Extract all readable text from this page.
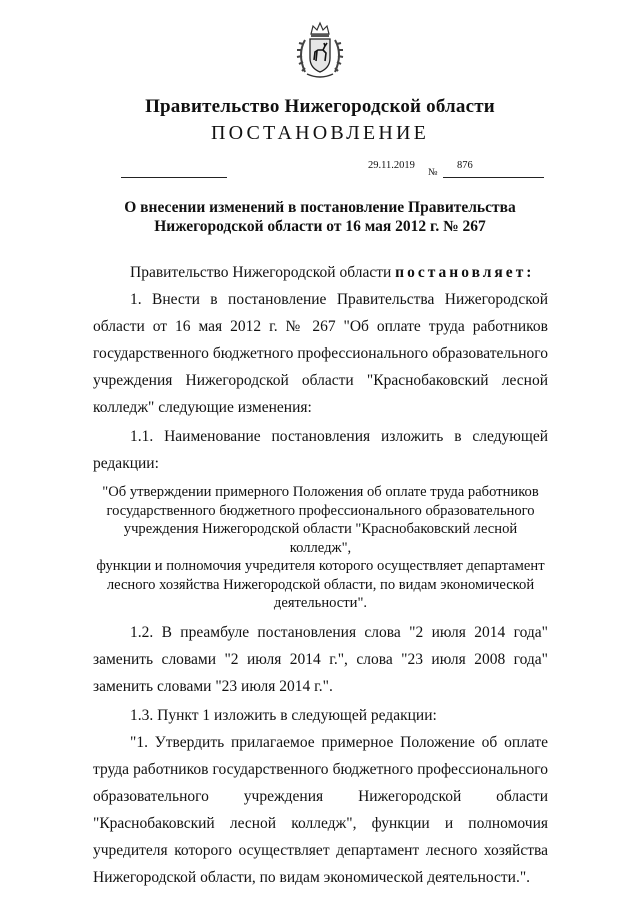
Правительство Нижегородской области
ПОСТАНОВЛЕНИЕ
29.11.2019
№
876
О внесении изменений в постановление Правительства
Нижегородской области от 16 мая 2012 г. № 267

Правительство Нижегородской области постановляет:

1. Внести в постановление Правительства Нижегородской области от 16 мая 2012 г. № 267 "Об оплате труда работников государственного бюджетного профессионального образовательного учреждения Нижегородской области "Краснобаковский лесной колледж" следующие изменения:

1.1. Наименование постановления изложить в следующей редакции:

"Об утверждении примерного Положения об оплате труда работников
государственного бюджетного профессионального образовательного
учреждения Нижегородской области "Краснобаковский лесной колледж",
функции и полномочия учредителя которого осуществляет департамент
лесного хозяйства Нижегородской области, по видам экономической
деятельности".

1.2. В преамбуле постановления слова "2 июля 2014 года" заменить словами "2 июля 2014 г.", слова "23 июля 2008 года" заменить словами "23 июля 2014 г.".

1.3. Пункт 1 изложить в следующей редакции:

"1. Утвердить прилагаемое примерное Положение об оплате труда работников государственного бюджетного профессионального образовательного учреждения Нижегородской области "Краснобаковский лесной колледж", функции и полномочия учредителя которого осуществляет департамент лесного хозяйства Нижегородской области, по видам экономической деятельности.".
